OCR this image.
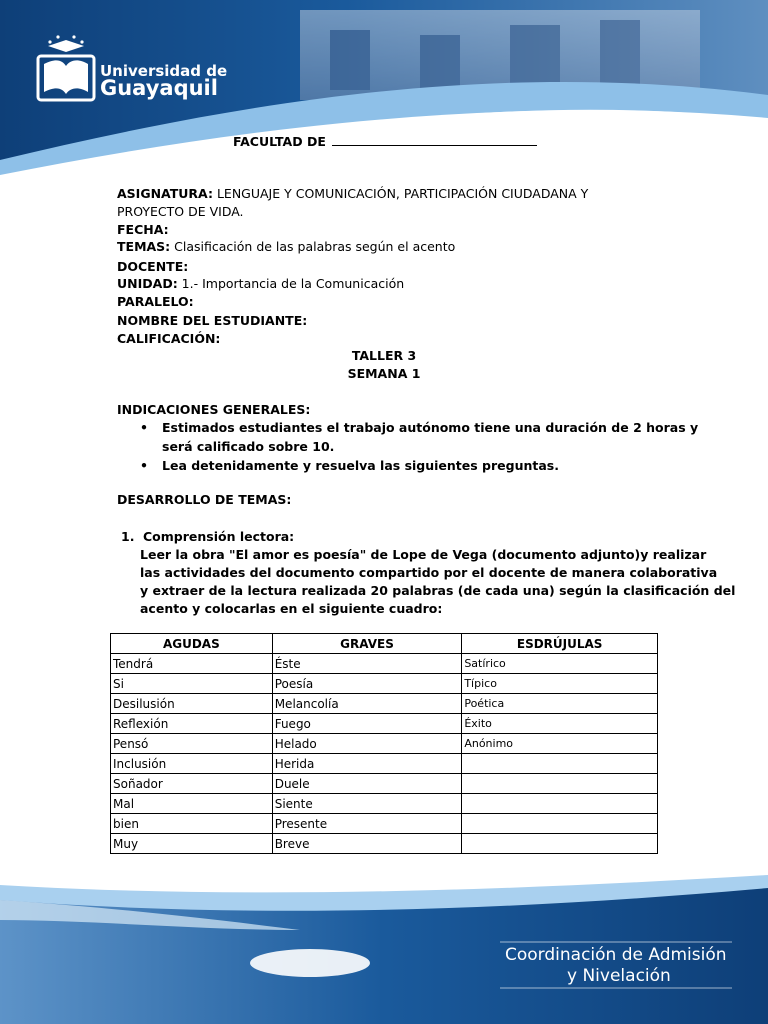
Universidad de
Guayaquil
FACULTAD DE
ASIGNATURA: LENGUAJE Y COMUNICACIÓN, PARTICIPACIÓN CIUDADANA Y
PROYECTO DE VIDA.
FECHA:
TEMAS: Clasificación de las palabras según el acento
DOCENTE:
UNIDAD: 1.- Importancia de la Comunicación
PARALELO:
NOMBRE DEL ESTUDIANTE:
CALIFICACIÓN:
TALLER 3
SEMANA 1
INDICACIONES GENERALES:
• Estimados estudiantes el trabajo autónomo tiene una duración de 2 horas y
será calificado sobre 10.
• Lea detenidamente y resuelva las siguientes preguntas.
DESARROLLO DE TEMAS:
1. Comprensión lectora:
Leer la obra "El amor es poesía" de Lope de Vega (documento adjunto)y realizar
las actividades del documento compartido por el docente de manera colaborativa
y extraer de la lectura realizada 20 palabras (de cada una) según la clasificación del
acento y colocarlas en el siguiente cuadro:
AGUDAS	GRAVES	ESDRÚJULAS
Tendrá	Éste	Satírico
Si	Poesía	Típico
Desilusión	Melancolía	Poética
Reflexión	Fuego	Éxito
Pensó	Helado	Anónimo
Inclusión	Herida	
Soñador	Duele	
Mal	Siente	
bien	Presente	
Muy	Breve	
Coordinación de Admisión
y Nivelación
